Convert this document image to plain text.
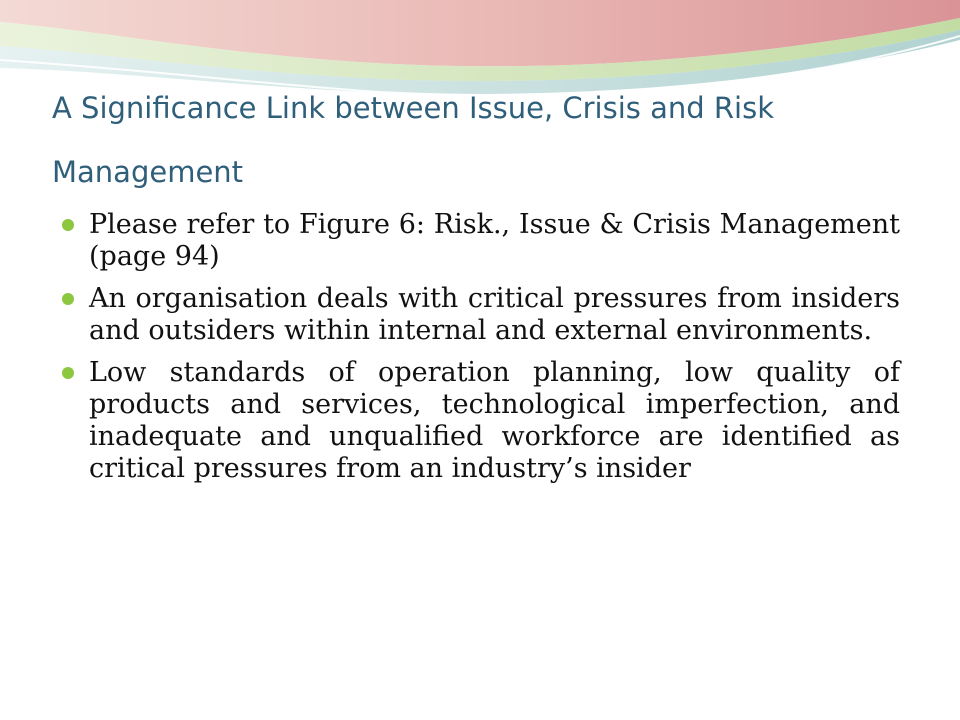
A Significance Link between Issue, Crisis and Risk Management
Please refer to Figure 6: Risk., Issue & Crisis Management (page 94)
An organisation deals with critical pressures from insiders and outsiders within internal and external environments.
Low standards of operation planning, low quality of products and services, technological imperfection, and inadequate and unqualified workforce are identified as critical pressures from an industry’s insider
